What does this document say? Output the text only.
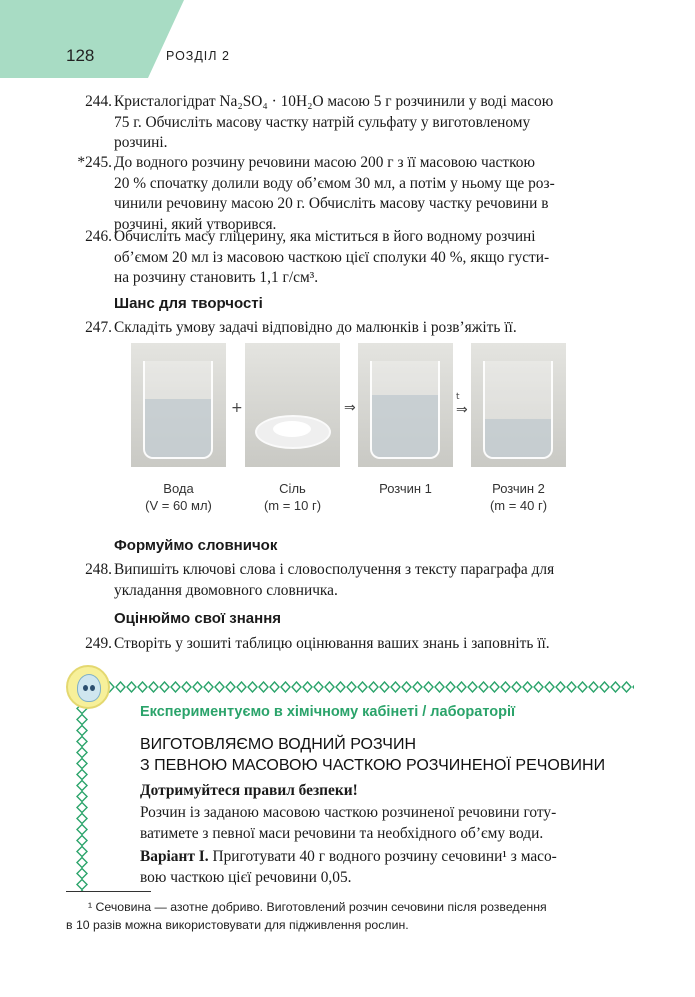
128	РОЗДІЛ 2
244. Кристалогідрат Na₂SO₄ · 10H₂O масою 5 г розчинили у воді масою
75 г. Обчисліть масову частку натрій сульфату у виготовленому
розчині.
*245. До водного розчину речовини масою 200 г з її масовою часткою
20 % спочатку долили воду об’ємом 30 мл, а потім у ньому ще роз-
чинили речовину масою 20 г. Обчисліть масову частку речовини в
розчині, який утворився.
246. Обчисліть масу гліцерину, яка міститься в його водному розчині
об’ємом 20 мл із масовою часткою цієї сполуки 40 %, якщо густи-
на розчину становить 1,1 г/см³.
Шанс для творчості
247. Складіть умову задачі відповідно до малюнків і розв’яжіть її.
+	⇒
t
⇒
Вода
(V = 60 мл)
Сіль
(m = 10 г)
Розчин 1	Розчин 2
(m = 40 г)
Формуймо словничок
248. Випишіть ключові слова і словосполучення з тексту параграфа для
укладання двомовного словничка.
Оцінюймо свої знання
249. Створіть у зошиті таблицю оцінювання ваших знань і заповніть її.
Експериментуємо в хімічному кабінеті / лабораторії
ВИГОТОВЛЯЄМО ВОДНИЙ РОЗЧИН
З ПЕВНОЮ МАСОВОЮ ЧАСТКОЮ РОЗЧИНЕНОЇ РЕЧОВИНИ
Дотримуйтеся правил безпеки!
Розчин із заданою масовою часткою розчиненої речовини готу-
ватимете з певної маси речовини та необхідного об’єму води.
Варіант І. Приготувати 40 г водного розчину сечовини¹ з масо-
вою часткою цієї речовини 0,05.
¹ Сечовина — азотне добриво. Виготовлений розчин сечовини після розведення
в 10 разів можна використовувати для підживлення рослин.
